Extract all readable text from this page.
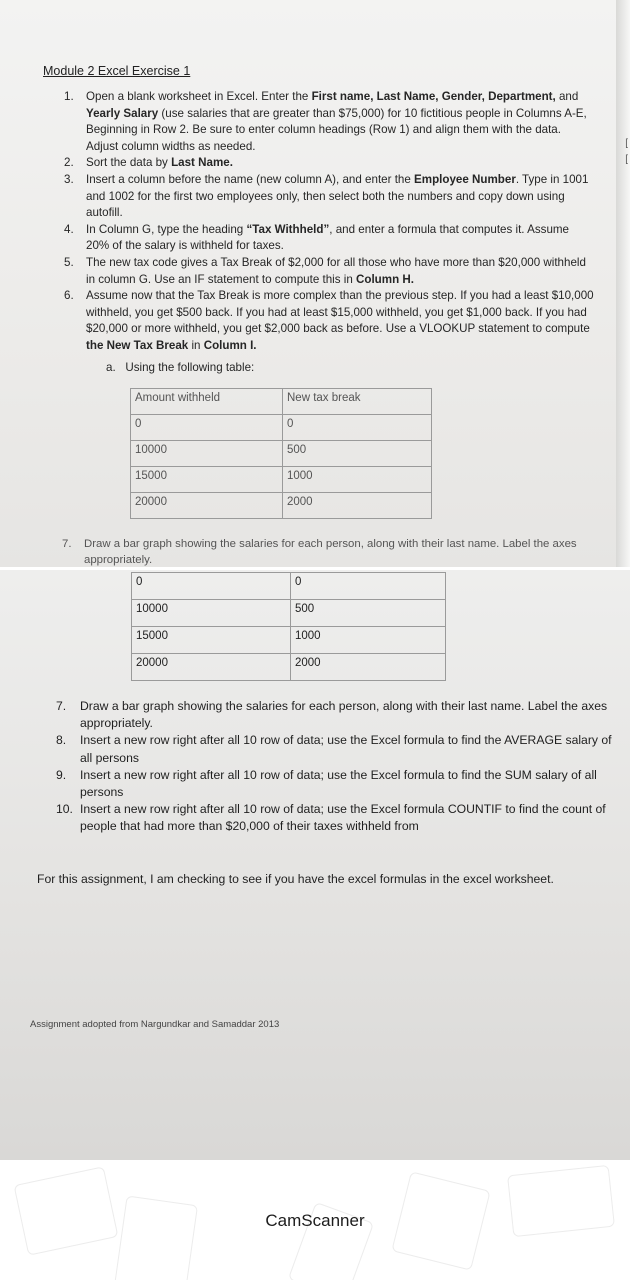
[
[
Module 2 Excel Exercise 1
1. Open a blank worksheet in Excel. Enter the First name, Last Name, Gender, Department, and Yearly Salary (use salaries that are greater than $75,000) for 10 fictitious people in Columns A-E, Beginning in Row 2. Be sure to enter column headings (Row 1) and align them with the data. Adjust column widths as needed.
2. Sort the data by Last Name.
3. Insert a column before the name (new column A), and enter the Employee Number. Type in 1001 and 1002 for the first two employees only, then select both the numbers and copy down using autofill.
4. In Column G, type the heading “Tax Withheld”, and enter a formula that computes it. Assume 20% of the salary is withheld for taxes.
5. The new tax code gives a Tax Break of $2,000 for all those who have more than $20,000 withheld in column G. Use an IF statement to compute this in Column H.
6. Assume now that the Tax Break is more complex than the previous step. If you had a least $10,000 withheld, you get $500 back. If you had at least $15,000 withheld, you get $1,000 back. If you had $20,000 or more withheld, you get $2,000 back as before. Use a VLOOKUP statement to compute the New Tax Break in Column I.
a. Using the following table:
Amount withheld	New tax break
0	0
10000	500
15000	1000
20000	2000
7.	Draw a bar graph showing the salaries for each person, along with their last name. Label the axes appropriately.
0	0
10000	500
15000	1000
20000	2000
7. Draw a bar graph showing the salaries for each person, along with their last name. Label the axes appropriately.
8. Insert a new row right after all 10 row of data; use the Excel formula to find the AVERAGE salary of all persons
9. Insert a new row right after all 10 row of data; use the Excel formula to find the SUM salary of all persons
10. Insert a new row right after all 10 row of data; use the Excel formula COUNTIF to find the count of people that had more than $20,000 of their taxes withheld from
For this assignment, I am checking to see if you have the excel formulas in the excel worksheet.
Assignment adopted from Nargundkar and Samaddar 2013
CamScanner
